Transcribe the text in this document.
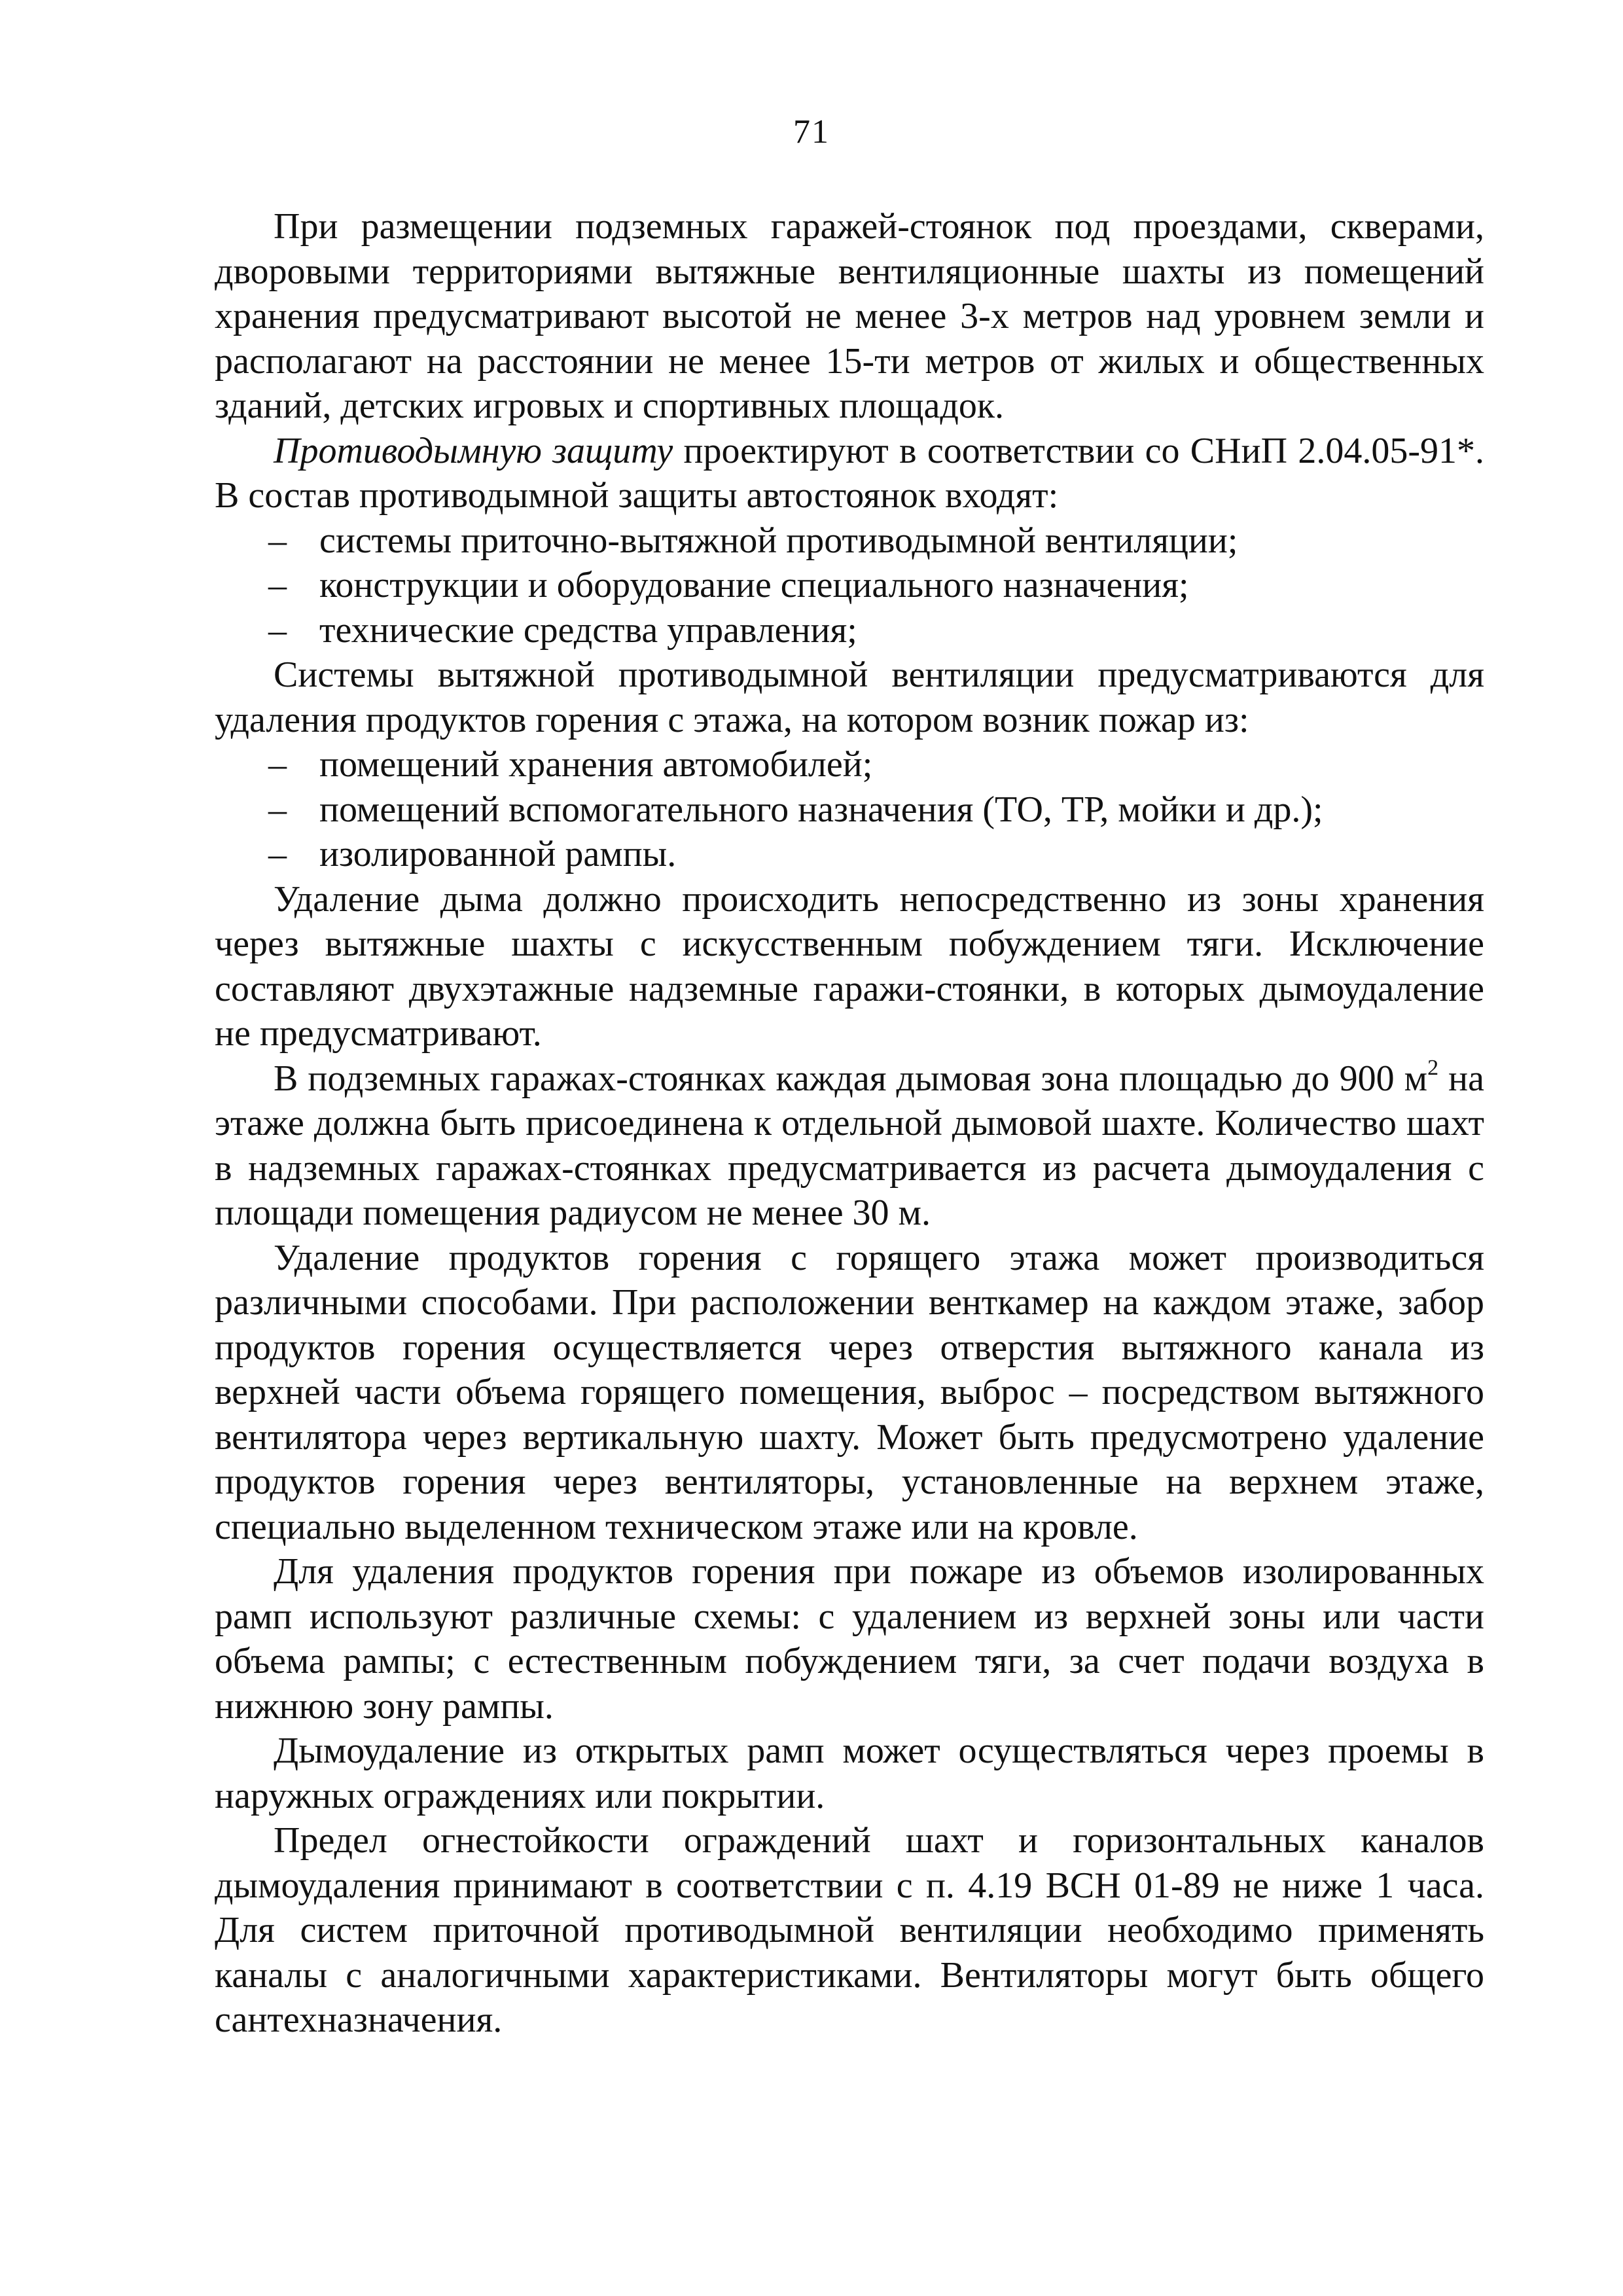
71

При размещении подземных гаражей-стоянок под проездами, скверами, дворовыми территориями вытяжные вентиляционные шахты из помещений хранения предусматривают высотой не менее 3-х метров над уровнем земли и располагают на расстоянии не менее 15-ти метров от жилых и общественных зданий, детских игровых и спортивных площадок.

Противодымную защиту проектируют в соответствии со СНиП 2.04.05-91*. В состав противодымной защиты автостоянок входят:

– системы приточно-вытяжной противодымной вентиляции;
– конструкции и оборудование специального назначения;
– технические средства управления;

Системы вытяжной противодымной вентиляции предусматриваются для удаления продуктов горения с этажа, на котором возник пожар из:

– помещений хранения автомобилей;
– помещений вспомогательного назначения (ТО, ТР, мойки и др.);
– изолированной рампы.

Удаление дыма должно происходить непосредственно из зоны хранения через вытяжные шахты с искусственным побуждением тяги. Исключение составляют двухэтажные надземные гаражи-стоянки, в которых дымоудаление не предусматривают.

В подземных гаражах-стоянках каждая дымовая зона площадью до 900 $м^2$ на этаже должна быть присоединена к отдельной дымовой шахте. Количество шахт в надземных гаражах-стоянках предусматривается из расчета дымоудаления с площади помещения радиусом не менее 30 м.

Удаление продуктов горения с горящего этажа может производиться различными способами. При расположении венткамер на каждом этаже, забор продуктов горения осуществляется через отверстия вытяжного канала из верхней части объема горящего помещения, выброс – посредством вытяжного вентилятора через вертикальную шахту. Может быть предусмотрено удаление продуктов горения через вентиляторы, установленные на верхнем этаже, специально выделенном техническом этаже или на кровле.

Для удаления продуктов горения при пожаре из объемов изолированных рамп используют различные схемы: с удалением из верхней зоны или части объема рампы; с естественным побуждением тяги, за счет подачи воздуха в нижнюю зону рампы.

Дымоудаление из открытых рамп может осуществляться через проемы в наружных ограждениях или покрытии.

Предел огнестойкости ограждений шахт и горизонтальных каналов дымоудаления принимают в соответствии с п. 4.19 ВСН 01-89 не ниже 1 часа. Для систем приточной противодымной вентиляции необходимо применять каналы с аналогичными характеристиками. Вентиляторы могут быть общего сантехназначения.
